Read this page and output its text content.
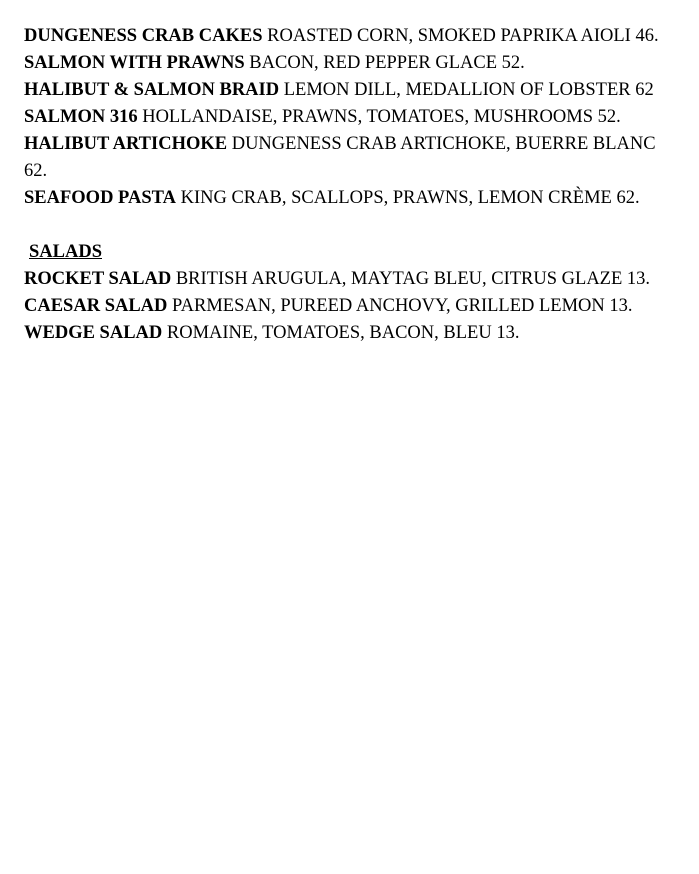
DUNGENESS CRAB CAKES ROASTED CORN, SMOKED PAPRIKA AIOLI 46.

SALMON WITH PRAWNS BACON, RED PEPPER GLACE 52.

HALIBUT & SALMON BRAID LEMON DILL, MEDALLION OF LOBSTER 62

SALMON 316 HOLLANDAISE, PRAWNS, TOMATOES, MUSHROOMS 52.

HALIBUT ARTICHOKE DUNGENESS CRAB ARTICHOKE, BUERRE BLANC 62.

SEAFOOD PASTA KING CRAB, SCALLOPS, PRAWNS, LEMON CRÈME 62.

SALADS

ROCKET SALAD BRITISH ARUGULA, MAYTAG BLEU, CITRUS GLAZE 13.

CAESAR SALAD PARMESAN, PUREED ANCHOVY, GRILLED LEMON 13.

WEDGE SALAD ROMAINE, TOMATOES, BACON, BLEU 13.
